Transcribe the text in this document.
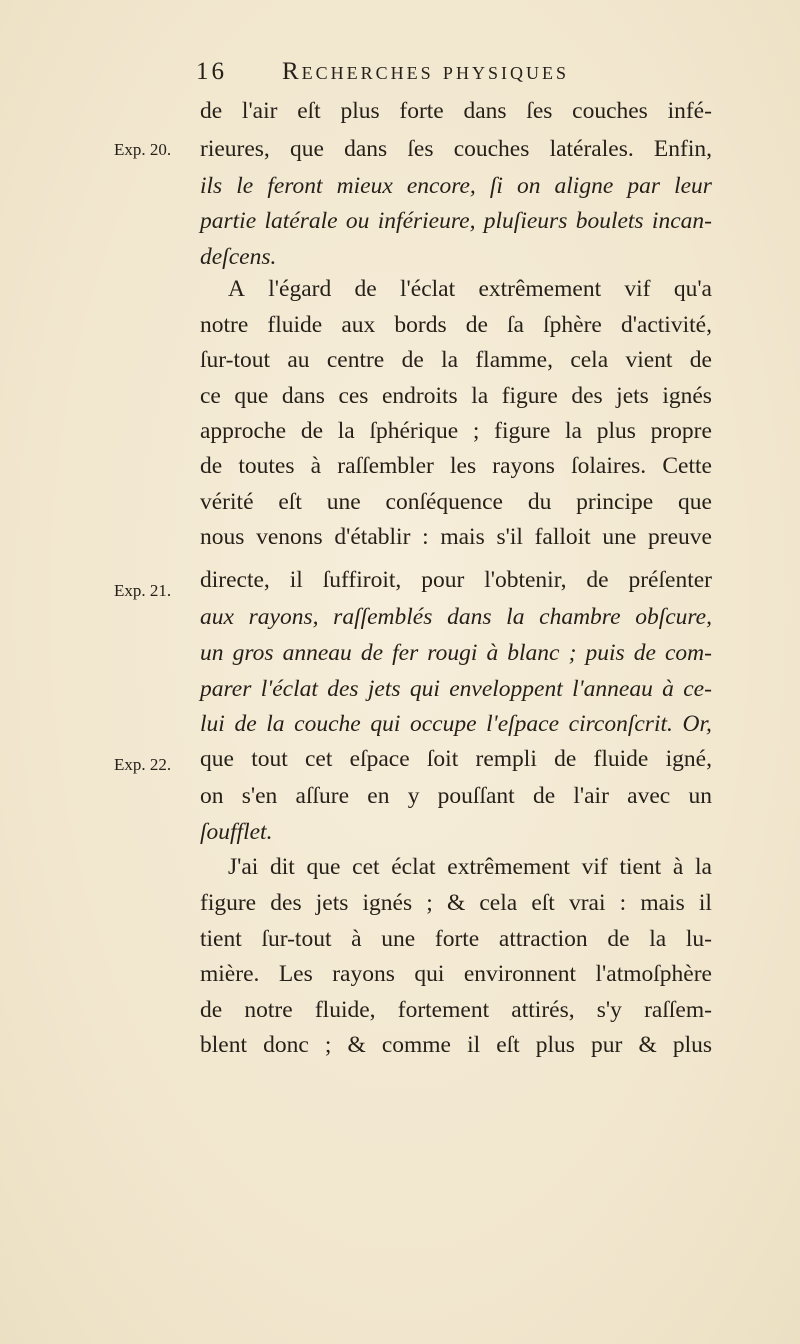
16 Recherches physiques
Exp. 20.
Exp. 21.
Exp. 22.
de l'air eſt plus forte dans ſes couches infé-
rieures, que dans ſes couches latérales. Enfin,
ils le feront mieux encore, ſi on aligne par leur
partie latérale ou inférieure, pluſieurs boulets incan-
deſcens.
A l'égard de l'éclat extrêmement vif qu'a
notre fluide aux bords de ſa ſphère d'activité,
ſur-tout au centre de la flamme, cela vient de
ce que dans ces endroits la figure des jets ignés
approche de la ſphérique ; figure la plus propre
de toutes à raſſembler les rayons ſolaires. Cette
vérité eſt une conſéquence du principe que
nous venons d'établir : mais s'il falloit une preuve
directe, il ſuffiroit, pour l'obtenir, de préſenter
aux rayons, raſſemblés dans la chambre obſcure,
un gros anneau de fer rougi à blanc ; puis de com-
parer l'éclat des jets qui enveloppent l'anneau à ce-
lui de la couche qui occupe l'eſpace circonſcrit. Or,
que tout cet eſpace ſoit rempli de fluide igné,
on s'en aſſure en y pouſſant de l'air avec un
ſoufflet.
J'ai dit que cet éclat extrêmement vif tient à la
figure des jets ignés ; & cela eſt vrai : mais il
tient ſur-tout à une forte attraction de la lu-
mière. Les rayons qui environnent l'atmoſphère
de notre fluide, fortement attirés, s'y raſſem-
blent donc ; & comme il eſt plus pur & plus
